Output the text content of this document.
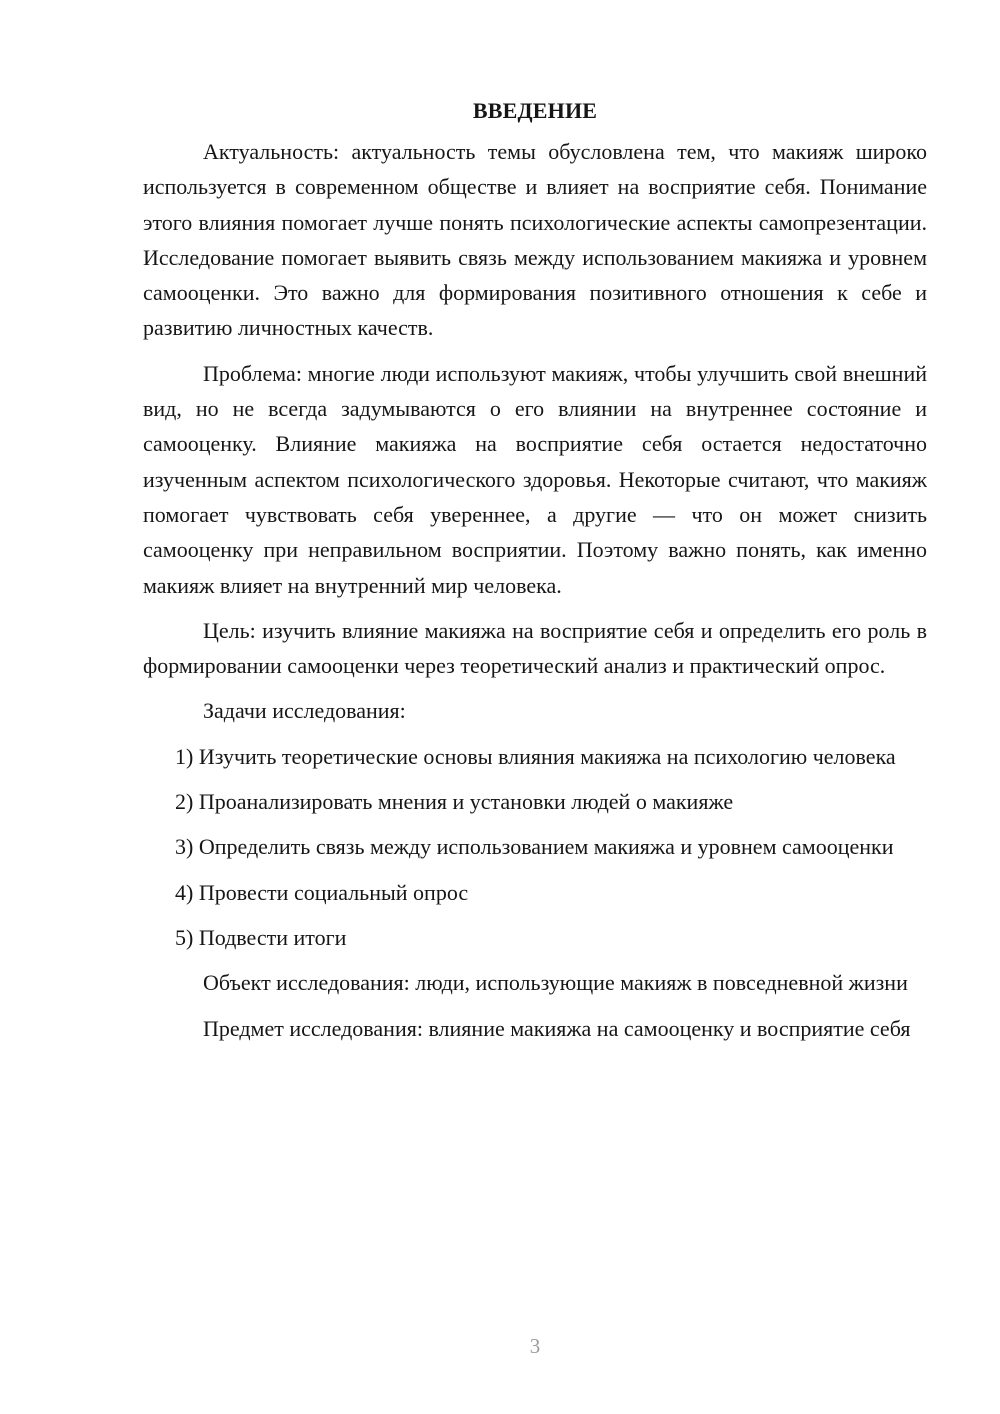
ВВЕДЕНИЕ

Актуальность: актуальность темы обусловлена тем, что макияж широко используется в современном обществе и влияет на восприятие себя. Понимание этого влияния помогает лучше понять психологические аспекты самопрезентации. Исследование помогает выявить связь между использованием макияжа и уровнем самооценки. Это важно для формирования позитивного отношения к себе и развитию личностных качеств.

Проблема: многие люди используют макияж, чтобы улучшить свой внешний вид, но не всегда задумываются о его влиянии на внутреннее состояние и самооценку. Влияние макияжа на восприятие себя остается недостаточно изученным аспектом психологического здоровья. Некоторые считают, что макияж помогает чувствовать себя увереннее, а другие — что он может снизить самооценку при неправильном восприятии. Поэтому важно понять, как именно макияж влияет на внутренний мир человека.

Цель: изучить влияние макияжа на восприятие себя и определить его роль в формировании самооценки через теоретический анализ и практический опрос.

Задачи исследования:

1) Изучить теоретические основы влияния макияжа на психологию человека

2) Проанализировать мнения и установки людей о макияже

3) Определить связь между использованием макияжа и уровнем самооценки

4) Провести социальный опрос

5) Подвести итоги

Объект исследования: люди, использующие макияж в повседневной жизни

Предмет исследования: влияние макияжа на самооценку и восприятие себя

3
